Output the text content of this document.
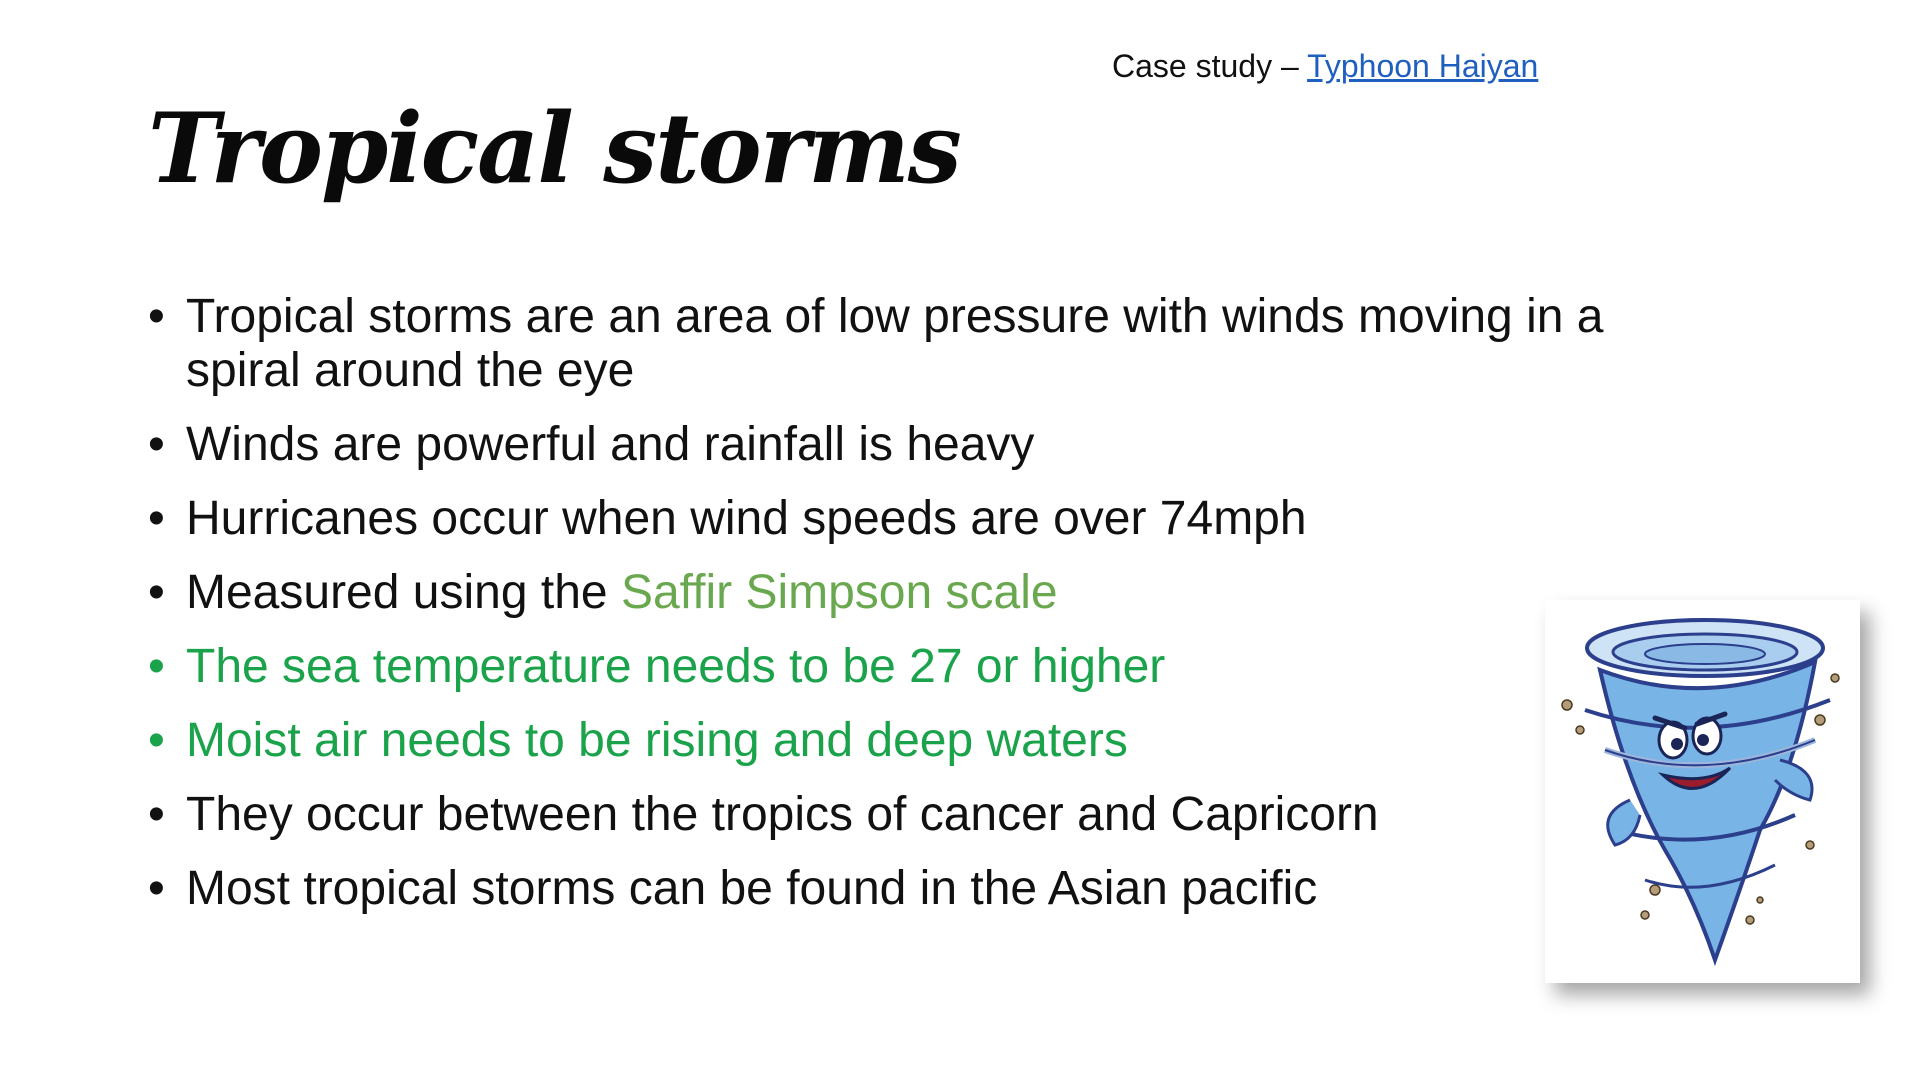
Case study – Typhoon Haiyan
Tropical storms
• Tropical storms are an area of low pressure with winds moving in a spiral around the eye
• Winds are powerful and rainfall is heavy
• Hurricanes occur when wind speeds are over 74mph
• Measured using the Saffir Simpson scale
• The sea temperature needs to be 27 or higher
• Moist air needs to be rising and deep waters
• They occur between the tropics of cancer and Capricorn
• Most tropical storms can be found in the Asian pacific
